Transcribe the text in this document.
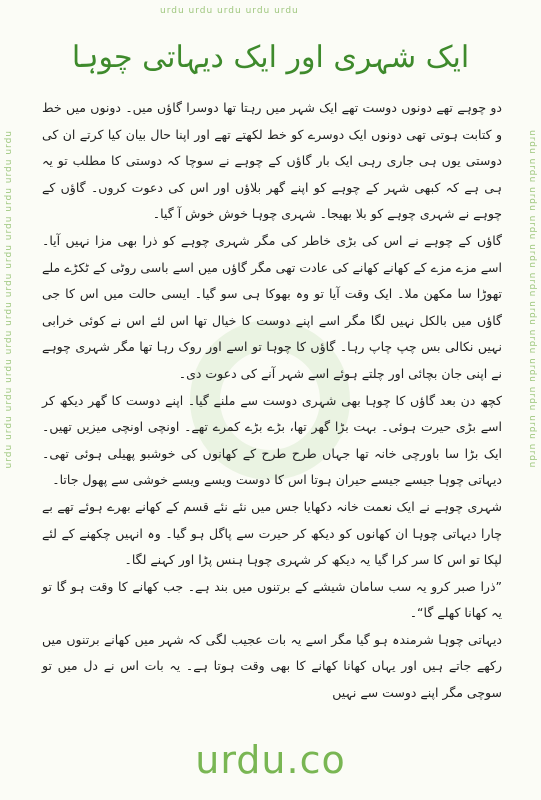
urdu urdu urdu urdu urdu
urdu urdu urdu urdu urdu urdu urdu urdu urdu urdu urdu urdu	urdu urdu urdu urdu urdu urdu urdu urdu urdu urdu urdu urdu
ایک شہری اور ایک دیہاتی چوہا

دو چوہے تھے دونوں دوست تھے ایک شہر میں رہتا تھا دوسرا گاؤں میں۔ دونوں میں خط و کتابت ہوتی تھی دونوں ایک دوسرے کو خط لکھتے تھے اور اپنا حال بیان کیا کرتے ان کی دوستی یوں ہی جاری رہی ایک بار گاؤں کے چوہے نے سوچا کہ دوستی کا مطلب تو یہ ہی ہے کہ کبھی شہر کے چوہے کو اپنے گھر بلاؤں اور اس کی دعوت کروں۔ گاؤں کے چوہے نے شہری چوہے کو بلا بھیجا۔ شہری چوہا خوش خوش آ گیا۔

گاؤں کے چوہے نے اس کی بڑی خاطر کی مگر شہری چوہے کو ذرا بھی مزا نہیں آیا۔ اسے مزے مزے کے کھانے کھانے کی عادت تھی مگر گاؤں میں اسے باسی روٹی کے ٹکڑے ملے تھوڑا سا مکھن ملا۔ ایک وقت آیا تو وہ بھوکا ہی سو گیا۔ ایسی حالت میں اس کا جی گاؤں میں بالکل نہیں لگا مگر اسے اپنے دوست کا خیال تھا اس لئے اس نے کوئی خرابی نہیں نکالی بس چپ چاپ رہا۔ گاؤں کا چوہا تو اسے اور روک رہا تھا مگر شہری چوہے نے اپنی جان بچائی اور چلتے ہوئے اسے شہر آنے کی دعوت دی۔

کچھ دن بعد گاؤں کا چوہا بھی شہری دوست سے ملنے گیا۔ اپنے دوست کا گھر دیکھ کر اسے بڑی حیرت ہوئی۔ بہت بڑا گھر تھا، بڑے بڑے کمرے تھے۔ اونچی اونچی میزیں تھیں۔ ایک بڑا سا باورچی خانہ تھا جہاں طرح طرح کے کھانوں کی خوشبو پھیلی ہوئی تھی۔ دیہاتی چوہا جیسے جیسے حیران ہوتا اس کا دوست ویسے ویسے خوشی سے پھول جاتا۔

شہری چوہے نے ایک نعمت خانہ دکھایا جس میں نئے نئے قسم کے کھانے بھرے ہوئے تھے بے چارا دیہاتی چوہا ان کھانوں کو دیکھ کر حیرت سے پاگل ہو گیا۔ وہ انہیں چکھنے کے لئے لپکا تو اس کا سر کرا گیا یہ دیکھ کر شہری چوہا ہنس پڑا اور کہنے لگا۔

”ذرا صبر کرو یہ سب سامان شیشے کے برتنوں میں بند ہے۔ جب کھانے کا وقت ہو گا تو یہ کھانا کھلے گا“۔

دیہاتی چوہا شرمندہ ہو گیا مگر اسے یہ بات عجیب لگی کہ شہر میں کھانے برتنوں میں رکھے جاتے ہیں اور یہاں کھانا کھانے کا بھی وقت ہوتا ہے۔ یہ بات اس نے دل میں تو سوچی مگر اپنے دوست سے نہیں

urdu.co
